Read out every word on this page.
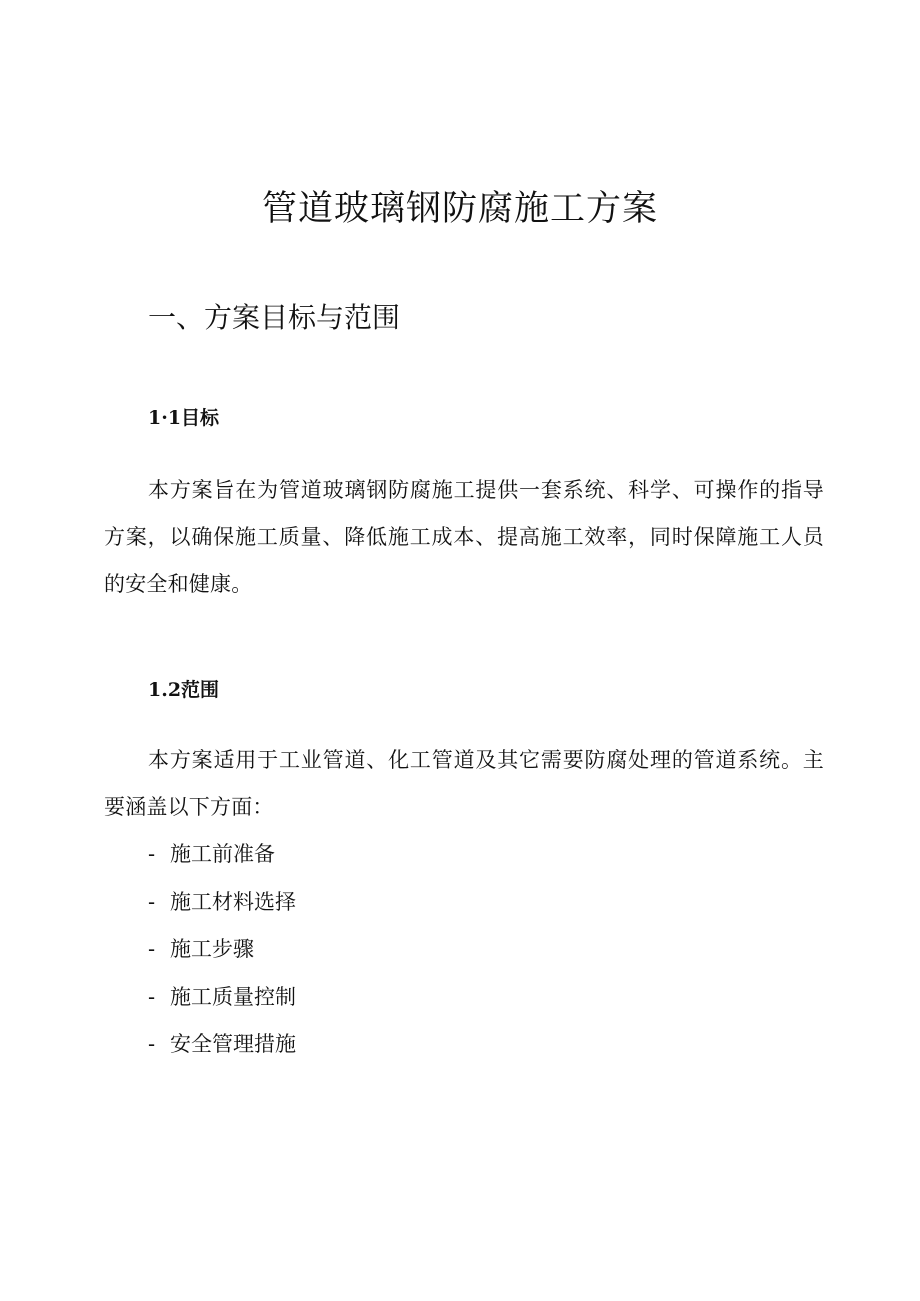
管道玻璃钢防腐施工方案
一、方案目标与范围
1·1目标

本方案旨在为管道玻璃钢防腐施工提供一套系统、科学、可操作的指导方案，以确保施工质量、降低施工成本、提高施工效率，同时保障施工人员的安全和健康。

1.2范围

本方案适用于工业管道、化工管道及其它需要防腐处理的管道系统。主要涵盖以下方面：

- 施工前准备
- 施工材料选择
- 施工步骤
- 施工质量控制
- 安全管理措施
